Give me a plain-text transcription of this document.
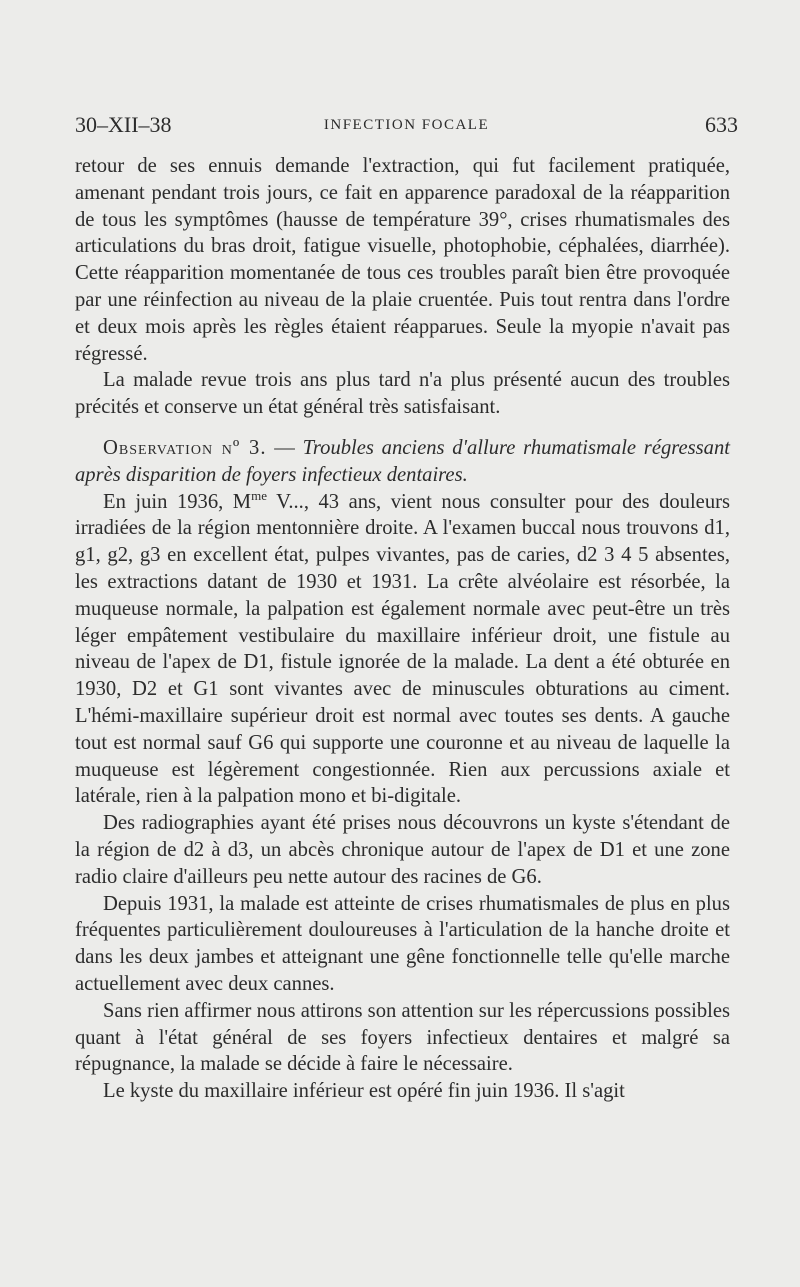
30–XII–38	INFECTION FOCALE	633

retour de ses ennuis demande l'extraction, qui fut facilement pratiquée, amenant pendant trois jours, ce fait en apparence paradoxal de la réapparition de tous les symptômes (hausse de température 39°, crises rhumatismales des articulations du bras droit, fatigue visuelle, photophobie, céphalées, diarrhée). Cette réapparition momentanée de tous ces troubles paraît bien être provoquée par une réinfection au niveau de la plaie cruentée. Puis tout rentra dans l'ordre et deux mois après les règles étaient réapparues. Seule la myopie n'avait pas régressé.

La malade revue trois ans plus tard n'a plus présenté aucun des troubles précités et conserve un état général très satisfaisant.

Observation nº 3. — Troubles anciens d'allure rhumatismale régressant après disparition de foyers infectieux dentaires.

En juin 1936, $M^{me}$ V..., 43 ans, vient nous consulter pour des douleurs irradiées de la région mentonnière droite. A l'examen buccal nous trouvons d1, g1, g2, g3 en excellent état, pulpes vivantes, pas de caries, d2 3 4 5 absentes, les extractions datant de 1930 et 1931. La crête alvéolaire est résorbée, la muqueuse normale, la palpation est également normale avec peut-être un très léger empâtement vestibulaire du maxillaire inférieur droit, une fistule au niveau de l'apex de D1, fistule ignorée de la malade. La dent a été obturée en 1930, D2 et G1 sont vivantes avec de minuscules obturations au ciment. L'hémi-maxillaire supérieur droit est normal avec toutes ses dents. A gauche tout est normal sauf G6 qui supporte une couronne et au niveau de laquelle la muqueuse est légèrement congestionnée. Rien aux percussions axiale et latérale, rien à la palpation mono et bi-digitale.

Des radiographies ayant été prises nous découvrons un kyste s'étendant de la région de d2 à d3, un abcès chronique autour de l'apex de D1 et une zone radio claire d'ailleurs peu nette autour des racines de G6.

Depuis 1931, la malade est atteinte de crises rhumatismales de plus en plus fréquentes particulièrement douloureuses à l'articulation de la hanche droite et dans les deux jambes et atteignant une gêne fonctionnelle telle qu'elle marche actuellement avec deux cannes.

Sans rien affirmer nous attirons son attention sur les répercussions possibles quant à l'état général de ses foyers infectieux dentaires et malgré sa répugnance, la malade se décide à faire le nécessaire.

Le kyste du maxillaire inférieur est opéré fin juin 1936. Il s'agit
